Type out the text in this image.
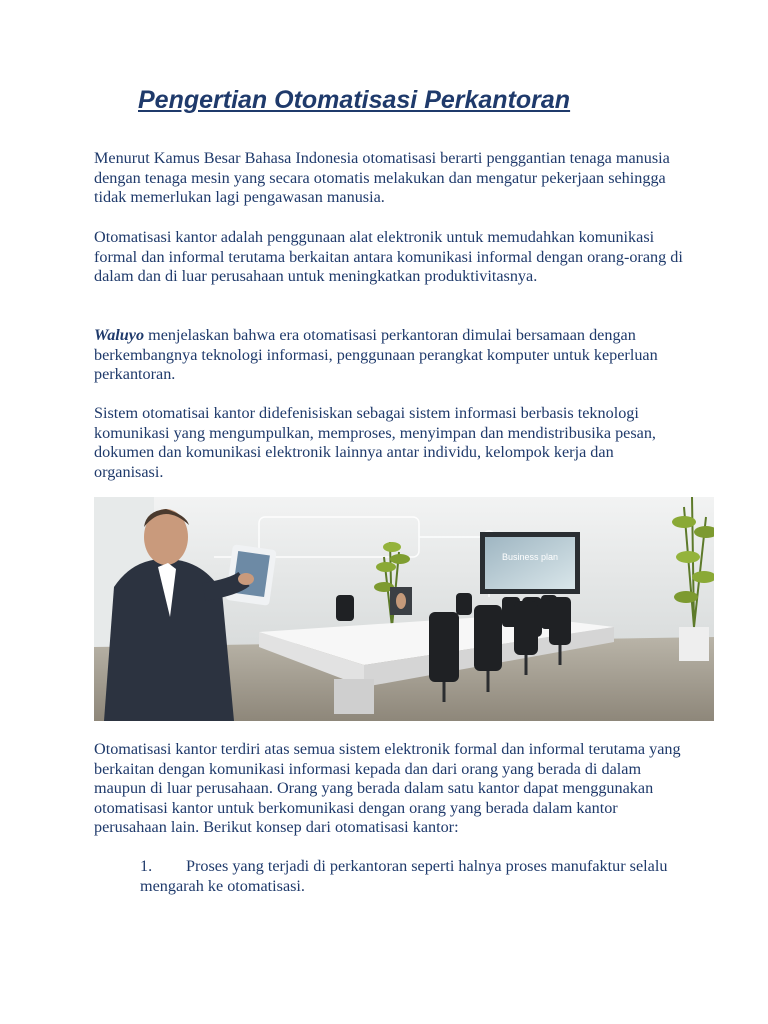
Pengertian Otomatisasi Perkantoran

Menurut Kamus Besar Bahasa Indonesia otomatisasi berarti penggantian tenaga manusia dengan tenaga mesin yang secara otomatis melakukan dan mengatur pekerjaan sehingga tidak memerlukan lagi pengawasan manusia.

Otomatisasi kantor adalah penggunaan alat elektronik untuk memudahkan komunikasi formal dan informal terutama berkaitan antara komunikasi informal dengan orang-orang di dalam dan di luar perusahaan untuk meningkatkan produktivitasnya.

Waluyo menjelaskan bahwa era otomatisasi perkantoran dimulai bersamaan dengan berkembangnya teknologi informasi, penggunaan perangkat komputer untuk keperluan perkantoran.

Sistem otomatisai kantor didefenisiskan sebagai sistem informasi berbasis teknologi komunikasi yang mengumpulkan, memproses, menyimpan dan mendistribusika pesan, dokumen dan komunikasi elektronik lainnya antar individu, kelompok kerja dan organisasi.

Business plan

Otomatisasi kantor terdiri atas semua sistem elektronik formal dan informal terutama yang berkaitan dengan komunikasi informasi kepada dan dari orang yang berada di dalam maupun di luar perusahaan. Orang yang berada dalam satu kantor dapat menggunakan otomatisasi kantor untuk berkomunikasi dengan orang yang berada dalam kantor perusahaan lain. Berikut konsep dari otomatisasi kantor:

1. Proses yang terjadi di perkantoran seperti halnya proses manufaktur selalu mengarah ke otomatisasi.
